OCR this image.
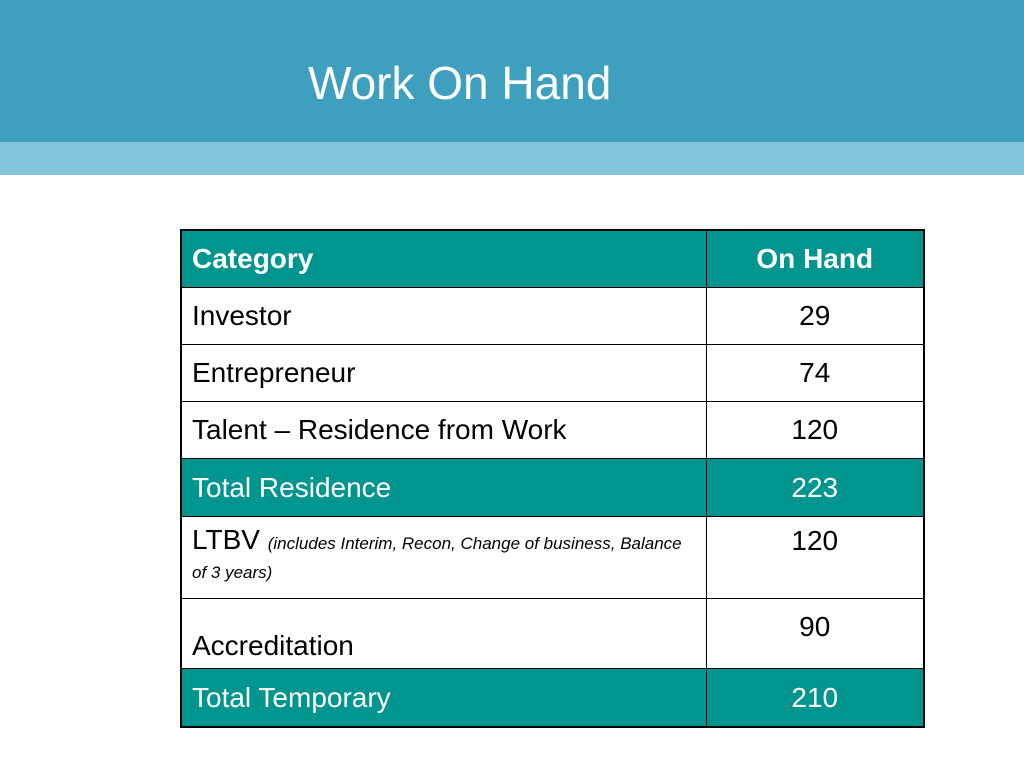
Work On Hand
Category	On Hand
Investor	29
Entrepreneur	74
Talent – Residence from Work	120
Total Residence	223
LTBV (includes Interim, Recon, Change of business, Balance of 3 years)	120
Accreditation	90
Total Temporary	210
